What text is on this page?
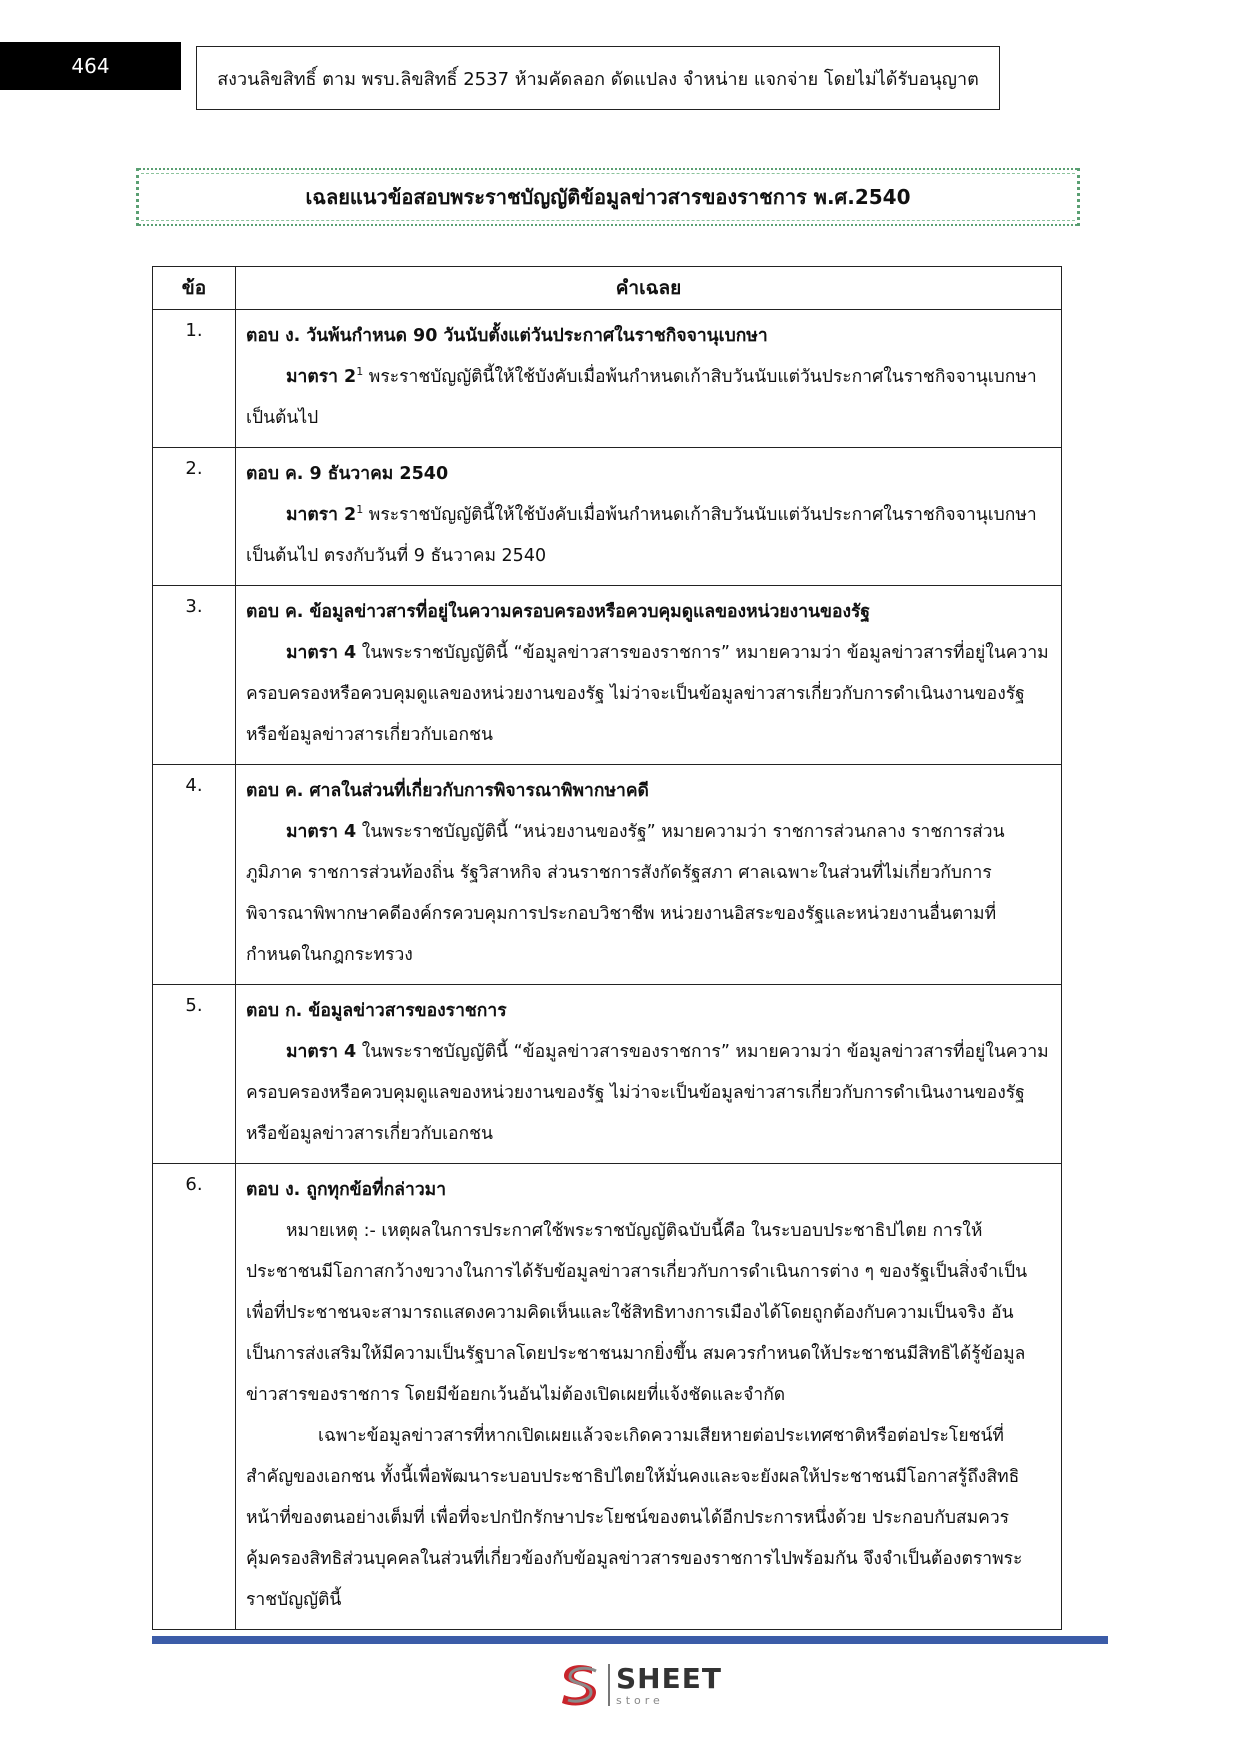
464
สงวนลิขสิทธิ์ ตาม พรบ.ลิขสิทธิ์ 2537 ห้ามคัดลอก ดัดแปลง จำหน่าย แจกจ่าย โดยไม่ได้รับอนุญาต
เฉลยแนวข้อสอบพระราชบัญญัติข้อมูลข่าวสารของราชการ พ.ศ.2540
ข้อ	คำเฉลย
1.	ตอบ ง. วันพ้นกำหนด 90 วันนับตั้งแต่วันประกาศในราชกิจจานุเบกษา
มาตรา 2$^1$ พระราชบัญญัตินี้ให้ใช้บังคับเมื่อพ้นกำหนดเก้าสิบวันนับแต่วันประกาศในราชกิจจานุเบกษาเป็นต้นไป

2.	ตอบ ค. 9 ธันวาคม 2540
มาตรา 2$^1$ พระราชบัญญัตินี้ให้ใช้บังคับเมื่อพ้นกำหนดเก้าสิบวันนับแต่วันประกาศในราชกิจจานุเบกษาเป็นต้นไป ตรงกับวันที่ 9 ธันวาคม 2540

3.	ตอบ ค. ข้อมูลข่าวสารที่อยู่ในความครอบครองหรือควบคุมดูแลของหน่วยงานของรัฐ
มาตรา 4 ในพระราชบัญญัตินี้ “ข้อมูลข่าวสารของราชการ” หมายความว่า ข้อมูลข่าวสารที่อยู่ในความครอบครองหรือควบคุมดูแลของหน่วยงานของรัฐ ไม่ว่าจะเป็นข้อมูลข่าวสารเกี่ยวกับการดำเนินงานของรัฐหรือข้อมูลข่าวสารเกี่ยวกับเอกชน

4.	ตอบ ค. ศาลในส่วนที่เกี่ยวกับการพิจารณาพิพากษาคดี
มาตรา 4 ในพระราชบัญญัตินี้ “หน่วยงานของรัฐ” หมายความว่า ราชการส่วนกลาง ราชการส่วนภูมิภาค ราชการส่วนท้องถิ่น รัฐวิสาหกิจ ส่วนราชการสังกัดรัฐสภา ศาลเฉพาะในส่วนที่ไม่เกี่ยวกับการพิจารณาพิพากษาคดีองค์กรควบคุมการประกอบวิชาชีพ หน่วยงานอิสระของรัฐและหน่วยงานอื่นตามที่กำหนดในกฎกระทรวง

5.	ตอบ ก. ข้อมูลข่าวสารของราชการ
มาตรา 4 ในพระราชบัญญัตินี้ “ข้อมูลข่าวสารของราชการ” หมายความว่า ข้อมูลข่าวสารที่อยู่ในความครอบครองหรือควบคุมดูแลของหน่วยงานของรัฐ ไม่ว่าจะเป็นข้อมูลข่าวสารเกี่ยวกับการดำเนินงานของรัฐหรือข้อมูลข่าวสารเกี่ยวกับเอกชน

6.	ตอบ ง. ถูกทุกข้อที่กล่าวมา
หมายเหตุ :- เหตุผลในการประกาศใช้พระราชบัญญัติฉบับนี้คือ ในระบอบประชาธิปไตย การให้ประชาชนมีโอกาสกว้างขวางในการได้รับข้อมูลข่าวสารเกี่ยวกับการดำเนินการต่าง ๆ ของรัฐเป็นสิ่งจำเป็น เพื่อที่ประชาชนจะสามารถแสดงความคิดเห็นและใช้สิทธิทางการเมืองได้โดยถูกต้องกับความเป็นจริง อันเป็นการส่งเสริมให้มีความเป็นรัฐบาลโดยประชาชนมากยิ่งขึ้น สมควรกำหนดให้ประชาชนมีสิทธิได้รู้ข้อมูลข่าวสารของราชการ โดยมีข้อยกเว้นอันไม่ต้องเปิดเผยที่แจ้งชัดและจำกัด
เฉพาะข้อมูลข่าวสารที่หากเปิดเผยแล้วจะเกิดความเสียหายต่อประเทศชาติหรือต่อประโยชน์ที่สำคัญของเอกชน ทั้งนี้เพื่อพัฒนาระบอบประชาธิปไตยให้มั่นคงและจะยังผลให้ประชาชนมีโอกาสรู้ถึงสิทธิหน้าที่ของตนอย่างเต็มที่ เพื่อที่จะปกปักรักษาประโยชน์ของตนได้อีกประการหนึ่งด้วย ประกอบกับสมควรคุ้มครองสิทธิส่วนบุคคลในส่วนที่เกี่ยวข้องกับข้อมูลข่าวสารของราชการไปพร้อมกัน จึงจำเป็นต้องตราพระราชบัญญัตินี้
SHEET
store
